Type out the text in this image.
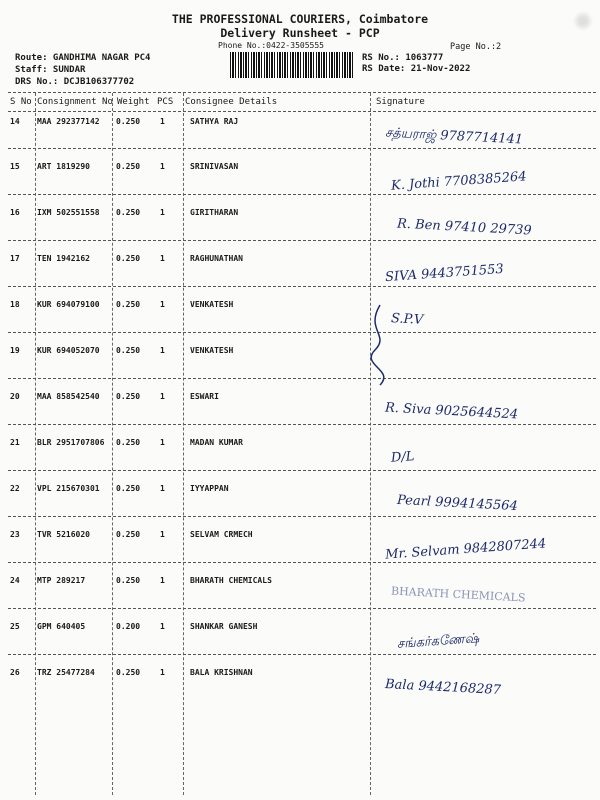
THE PROFESSIONAL COURIERS, Coimbatore
Delivery Runsheet - PCP
Phone No.:0422-3505555	Page No.:2
Route: GANDHIMA NAGAR PC4
Staff: SUNDAR
DRS No.: DCJB106377702
RS No.: 1063777
RS Date: 21-Nov-2022
S No Consignment No Weight PCS Consignee Details	Signature
14 MAA 292377142 0.250 1	SATHYA RAJ
சத்யராஜ் 9787714141
15 ART 1819290	0.250 1	SRINIVASAN
K. Jothi 7708385264
16 IXM 502551558 0.250 1	GIRITHARAN
R. Ben 97410 29739
17 TEN 1942162	0.250 1	RAGHUNATHAN
SIVA 9443751553
18 KUR 694079100 0.250 1	VENKATESH
S.P.V
19 KUR 694052070 0.250 1	VENKATESH
20 MAA 858542540 0.250 1	ESWARI
R. Siva 9025644524
21 BLR 2951707806 0.250 1	MADAN KUMAR
D/L
22 VPL 215670301 0.250 1	IYYAPPAN
Pearl 9994145564
23 TVR 5216020	0.250 1	SELVAM CRMECH
Mr. Selvam 9842807244
24 MTP 289217	0.250 1	BHARATH CHEMICALS
BHARATH CHEMICALS
25 GPM 640405	0.200 1	SHANKAR GANESH
சங்கர்கணேஷ்
26 TRZ 25477284	0.250 1	BALA KRISHNAN
Bala 9442168287
